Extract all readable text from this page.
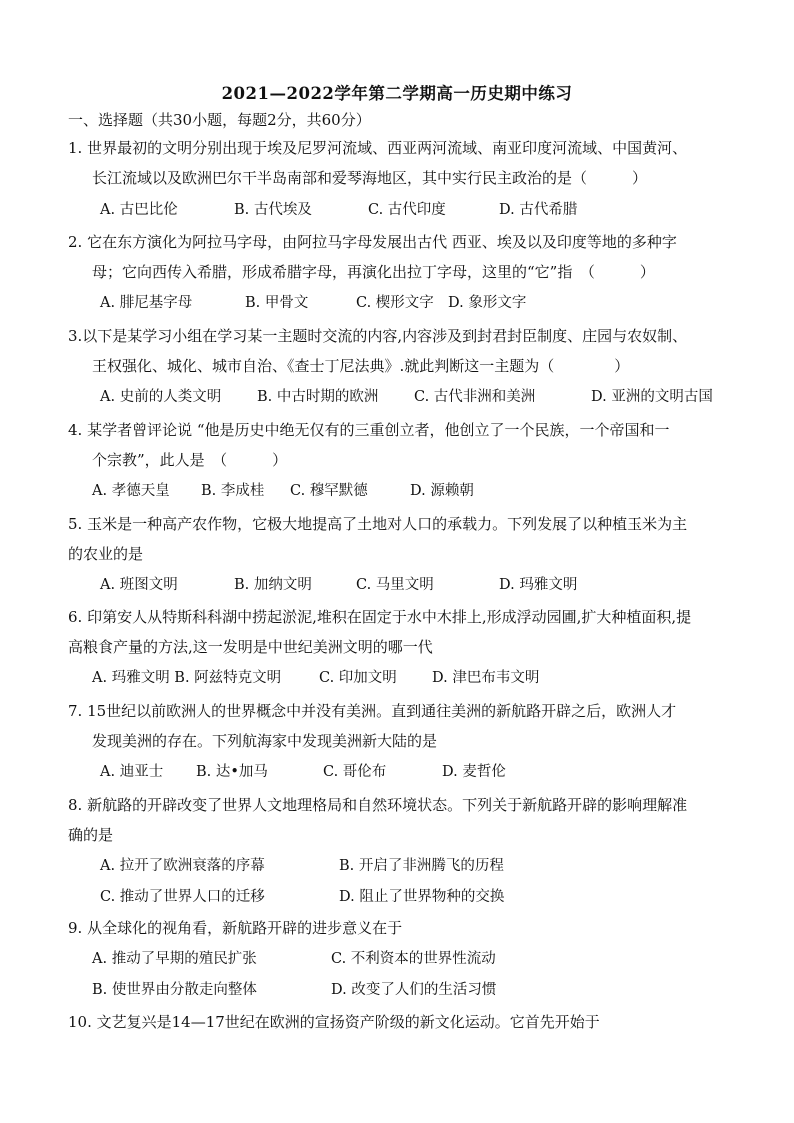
2021—2022学年第二学期高一历史期中练习
一、选择题（共30小题，每题2分，共60分）
1. 世界最初的文明分别出现于埃及尼罗河流域、西亚两河流域、南亚印度河流域、中国黄河、
长江流域以及欧洲巴尔干半岛南部和爱琴海地区，其中实行民主政治的是（　　　）
A. 古巴比伦	B. 古代埃及	C. 古代印度	D. 古代希腊
2. 它在东方演化为阿拉马字母，由阿拉马字母发展出古代 西亚、埃及以及印度等地的多种字
母；它向西传入希腊，形成希腊字母，再演化出拉丁字母，这里的“它”指　（　　　）
A. 腓尼基字母	B. 甲骨文	C. 楔形文字 D. 象形文字
3.以下是某学习小组在学习某一主题时交流的内容,内容涉及到封君封臣制度、庄园与农奴制、
王权强化、城化、城市自治、《查士丁尼法典》.就此判断这一主题为（　　　　）
A. 史前的人类文明 B. 中古时期的欧洲 C. 古代非洲和美洲	D. 亚洲的文明古国
4. 某学者曾评论说 “他是历史中绝无仅有的三重创立者，他创立了一个民族，一个帝国和一
个宗教”，此人是　（　　　）
A. 孝德天皇 B. 李成桂 C. 穆罕默德	D. 源赖朝
5. 玉米是一种高产农作物，它极大地提高了土地对人口的承载力。下列发展了以种植玉米为主
的农业的是
A. 班图文明	B. 加纳文明	C. 马里文明	D. 玛雅文明
6. 印第安人从特斯科科湖中捞起淤泥,堆积在固定于水中木排上,形成浮动园圃,扩大种植面积,提
高粮食产量的方法,这一发明是中世纪美洲文明的哪一代
A. 玛雅文明 B. 阿兹特克文明	C. 印加文明 D. 津巴布韦文明
7. 15世纪以前欧洲人的世界概念中并没有美洲。直到通往美洲的新航路开辟之后，欧洲人才
发现美洲的存在。下列航海家中发现美洲新大陆的是
A. 迪亚士 B. 达•加马	C. 哥伦布	D. 麦哲伦
8. 新航路的开辟改变了世界人文地理格局和自然环境状态。下列关于新航路开辟的影响理解准
确的是
A. 拉开了欧洲衰落的序幕	B. 开启了非洲腾飞的历程
C. 推动了世界人口的迁移	D. 阻止了世界物种的交换
9. 从全球化的视角看，新航路开辟的进步意义在于
A. 推动了早期的殖民扩张	C. 不利资本的世界性流动
B. 使世界由分散走向整体	D. 改变了人们的生活习惯
10. 文艺复兴是14—17世纪在欧洲的宣扬资产阶级的新文化运动。它首先开始于
